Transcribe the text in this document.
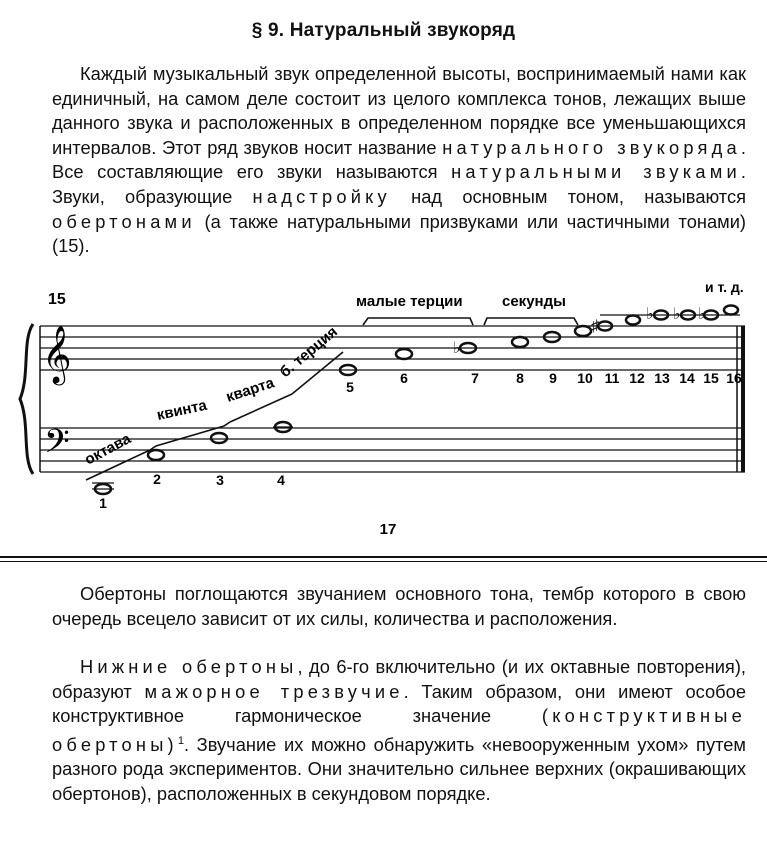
§ 9. Натуральный звукоряд

Каждый музыкальный звук определенной высоты, воспринимаемый нами как единичный, на самом деле состоит из целого комплекса тонов, лежащих выше данного звука и расположенных в определенном порядке все уменьшающихся интервалов. Этот ряд звуков носит название натурального звукоряда. Все составляющие его звуки называются натуральными звуками. Звуки, образующие надстройку над основным тоном, называются обертонами (а также натуральными призвуками или частичными тонами) (15).

15
и т. д.
𝄞
𝄢
малые терции	секунды
октава
квинта
кварта
б. терция	♭
♯
♭ ♭ ♭
1
2	3	4
5
6	7	8 9 10 11 12 13 14 15 16
17

Обертоны поглощаются звучанием основного тона, тембр которого в свою очередь всецело зависит от их силы, количества и расположения.

Нижние обертоны, до 6-го включительно (и их октавные повторения), образуют мажорное трезвучие. Таким образом, они имеют особое конструктивное гармоническое значение (конструктивные обертоны)$^1$. Звучание их можно обнаружить «невооруженным ухом» путем разного рода экспериментов. Они значительно сильнее верхних (окрашивающих обертонов), расположенных в секундовом порядке.
